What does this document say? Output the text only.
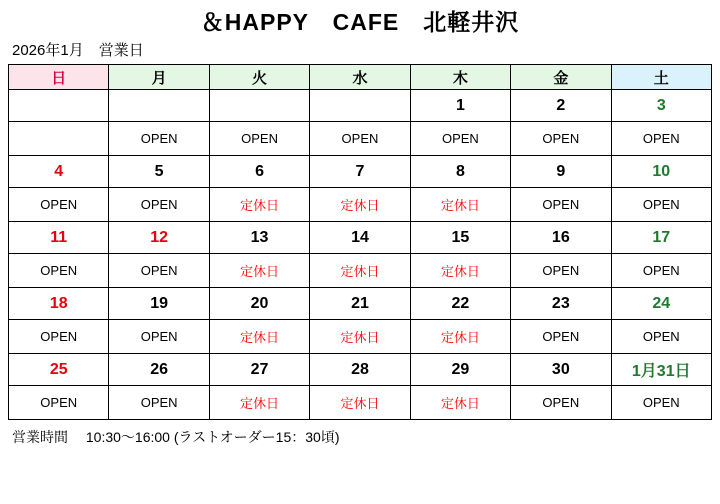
＆HAPPY　CAFE　北軽井沢
2026年1月　営業日
日	月	火	水	木	金	土
				1	2	3
	OPEN	OPEN	OPEN	OPEN	OPEN	OPEN
4	5	6	7	8	9	10
OPEN	OPEN	定休日	定休日	定休日	OPEN	OPEN
11	12	13	14	15	16	17
OPEN	OPEN	定休日	定休日	定休日	OPEN	OPEN
18	19	20	21	22	23	24
OPEN	OPEN	定休日	定休日	定休日	OPEN	OPEN
25	26	27	28	29	30	1月31日
OPEN	OPEN	定休日	定休日	定休日	OPEN	OPEN
営業時間 10:30〜16:00 (ラストオーダー15：30頃)
